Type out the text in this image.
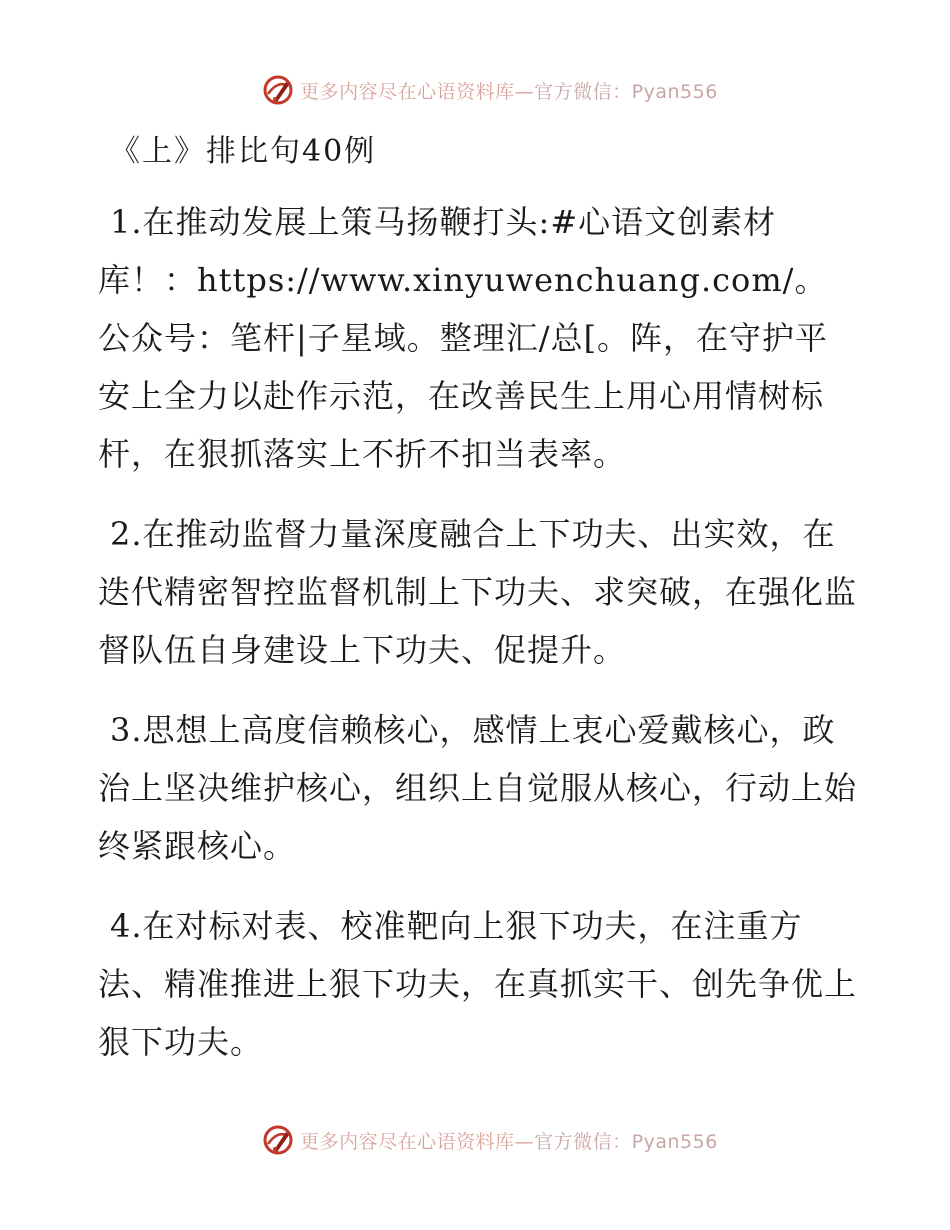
更多内容尽在心语资料库—官方微信：Pyan556
《上》排比句40例

1.在推动发展上策马扬鞭打头:#心语文创素材库！：https://www.xinyuwenchuang.com/。公众号：笔杆|子星域。整理汇/总[。阵，在守护平安上全力以赴作示范，在改善民生上用心用情树标杆，在狠抓落实上不折不扣当表率。

2.在推动监督力量深度融合上下功夫、出实效，在迭代精密智控监督机制上下功夫、求突破，在强化监督队伍自身建设上下功夫、促提升。

3.思想上高度信赖核心，感情上衷心爱戴核心，政治上坚决维护核心，组织上自觉服从核心，行动上始终紧跟核心。

4.在对标对表、校准靶向上狠下功夫，在注重方法、精准推进上狠下功夫，在真抓实干、创先争优上狠下功夫。

更多内容尽在心语资料库—官方微信：Pyan556
